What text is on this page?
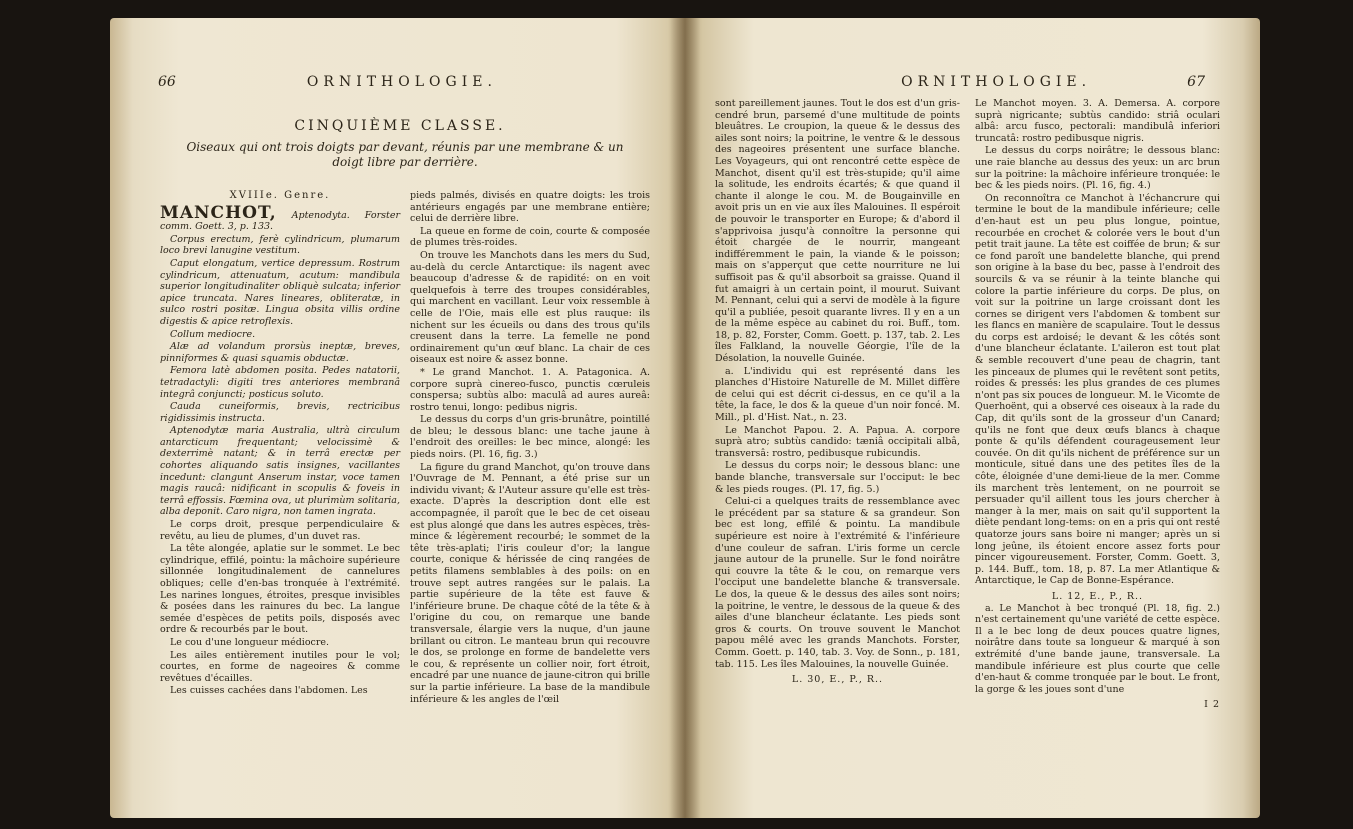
66	ORNITHOLOGIE.
CINQUIÈME CLASSE.
Oiseaux qui ont trois doigts par devant, réunis par une membrane & un doigt libre par derrière.
XVIIIe. Genre.

MANCHOT, Aptenodyta. Forster comm. Goett. 3, p. 133.

Corpus erectum, ferè cylindricum, plumarum loco brevi lanugine vestitum.

Caput elongatum, vertice depressum. Rostrum cylindricum, attenuatum, acutum: mandibula superior longitudinaliter obliquè sulcata; inferior apice truncata. Nares lineares, obliteratæ, in sulco rostri positæ. Lingua obsita villis ordine digestis & apice retroflexis.

Collum mediocre.

Alæ ad volandum prorsùs ineptæ, breves, pinniformes & quasi squamis obductæ.

Femora latè abdomen posita. Pedes natatorii, tetradactyli: digiti tres anteriores membranâ integrâ conjuncti; posticus soluto.

Cauda cuneiformis, brevis, rectricibus rigidissimis instructa.

Aptenodytæ maria Australia, ultrà circulum antarcticum frequentant; velocissimè & dexterrimè natant; & in terrâ erectæ per cohortes aliquando satis insignes, vacillantes incedunt: clangunt Anserum instar, voce tamen magis raucâ: nidificant in scopulis & foveis in terrâ effossis. Fœmina ova, ut plurimùm solitaria, alba deponit. Caro nigra, non tamen ingrata.

Le corps droit, presque perpendiculaire & revêtu, au lieu de plumes, d'un duvet ras.

La tête alongée, aplatie sur le sommet. Le bec cylindrique, effilé, pointu: la mâchoire supérieure sillonnée longitudinalement de cannelures obliques; celle d'en-bas tronquée à l'extrémité. Les narines longues, étroites, presque invisibles & posées dans les rainures du bec. La langue semée d'espèces de petits poils, disposés avec ordre & recourbés par le bout.

Le cou d'une longueur médiocre.

Les ailes entièrement inutiles pour le vol; courtes, en forme de nageoires & comme revêtues d'écailles.

Les cuisses cachées dans l'abdomen. Les

pieds palmés, divisés en quatre doigts: les trois antérieurs engagés par une membrane entière; celui de derrière libre.

La queue en forme de coin, courte & composée de plumes très-roides.

On trouve les Manchots dans les mers du Sud, au-delà du cercle Antarctique: ils nagent avec beaucoup d'adresse & de rapidité: on en voit quelquefois à terre des troupes considérables, qui marchent en vacillant. Leur voix ressemble à celle de l'Oie, mais elle est plus rauque: ils nichent sur les écueils ou dans des trous qu'ils creusent dans la terre. La femelle ne pond ordinairement qu'un œuf blanc. La chair de ces oiseaux est noire & assez bonne.

* Le grand Manchot. 1. A. Patagonica. A. corpore suprà cinereo-fusco, punctis cœruleis conspersa; subtùs albo: maculâ ad aures aureâ: rostro tenui, longo: pedibus nigris.

Le dessus du corps d'un gris-brunâtre, pointillé de bleu; le dessous blanc: une tache jaune à l'endroit des oreilles: le bec mince, alongé: les pieds noirs. (Pl. 16, fig. 3.)

La figure du grand Manchot, qu'on trouve dans l'Ouvrage de M. Pennant, a été prise sur un individu vivant; & l'Auteur assure qu'elle est très-exacte. D'après la description dont elle est accompagnée, il paroît que le bec de cet oiseau est plus alongé que dans les autres espèces, très-mince & légèrement recourbé; le sommet de la tête très-aplati; l'iris couleur d'or; la langue courte, conique & hérissée de cinq rangées de petits filamens semblables à des poils: on en trouve sept autres rangées sur le palais. La partie supérieure de la tête est fauve & l'inférieure brune. De chaque côté de la tête & à l'origine du cou, on remarque une bande transversale, élargie vers la nuque, d'un jaune brillant ou citron. Le manteau brun qui recouvre le dos, se prolonge en forme de bandelette vers le cou, & représente un collier noir, fort étroit, encadré par une nuance de jaune-citron qui brille sur la partie inférieure. La base de la mandibule inférieure & les angles de l'œil

ORNITHOLOGIE.	67

sont pareillement jaunes. Tout le dos est d'un gris-cendré brun, parsemé d'une multitude de points bleuâtres. Le croupion, la queue & le dessus des ailes sont noirs; la poitrine, le ventre & le dessous des nageoires présentent une surface blanche. Les Voyageurs, qui ont rencontré cette espèce de Manchot, disent qu'il est très-stupide; qu'il aime la solitude, les endroits écartés; & que quand il chante il alonge le cou. M. de Bougainville en avoit pris un en vie aux îles Malouines. Il espéroit de pouvoir le transporter en Europe; & d'abord il s'apprivoisa jusqu'à connoître la personne qui étoit chargée de le nourrir, mangeant indifféremment le pain, la viande & le poisson; mais on s'apperçut que cette nourriture ne lui suffisoit pas & qu'il absorboit sa graisse. Quand il fut amaigri à un certain point, il mourut. Suivant M. Pennant, celui qui a servi de modèle à la figure qu'il a publiée, pesoit quarante livres. Il y en a un de la même espèce au cabinet du roi. Buff., tom. 18, p. 82, Forster, Comm. Goett. p. 137, tab. 2. Les îles Falkland, la nouvelle Géorgie, l'île de la Désolation, la nouvelle Guinée.

a. L'individu qui est représenté dans les planches d'Histoire Naturelle de M. Millet diffère de celui qui est décrit ci-dessus, en ce qu'il a la tête, la face, le dos & la queue d'un noir foncé. M. Mill., pl. d'Hist. Nat., n. 23.

Le Manchot Papou. 2. A. Papua. A. corpore suprà atro; subtùs candido: tæniâ occipitali albâ, transversâ: rostro, pedibusque rubicundis.

Le dessus du corps noir; le dessous blanc: une bande blanche, transversale sur l'occiput: le bec & les pieds rouges. (Pl. 17, fig. 5.)

Celui-ci a quelques traits de ressemblance avec le précédent par sa stature & sa grandeur. Son bec est long, effilé & pointu. La mandibule supérieure est noire à l'extrémité & l'inférieure d'une couleur de safran. L'iris forme un cercle jaune autour de la prunelle. Sur le fond noirâtre qui couvre la tête & le cou, on remarque vers l'occiput une bandelette blanche & transversale. Le dos, la queue & le dessus des ailes sont noirs; la poitrine, le ventre, le dessous de la queue & des ailes d'une blancheur éclatante. Les pieds sont gros & courts. On trouve souvent le Manchot papou mêlé avec les grands Manchots. Forster, Comm. Goett. p. 140, tab. 3. Voy. de Sonn., p. 181, tab. 115. Les îles Malouines, la nouvelle Guinée.

L. 30, E., P., R..

Le Manchot moyen. 3. A. Demersa. A. corpore suprà nigricante; subtùs candido: striâ oculari albâ: arcu fusco, pectorali: mandibulâ inferiori truncatâ: rostro pedibusque nigris.

Le dessus du corps noirâtre; le dessous blanc: une raie blanche au dessus des yeux: un arc brun sur la poitrine: la mâchoire inférieure tronquée: le bec & les pieds noirs. (Pl. 16, fig. 4.)

On reconnoîtra ce Manchot à l'échancrure qui termine le bout de la mandibule inférieure; celle d'en-haut est un peu plus longue, pointue, recourbée en crochet & colorée vers le bout d'un petit trait jaune. La tête est coiffée de brun; & sur ce fond paroît une bandelette blanche, qui prend son origine à la base du bec, passe à l'endroit des sourcils & va se réunir à la teinte blanche qui colore la partie inférieure du corps. De plus, on voit sur la poitrine un large croissant dont les cornes se dirigent vers l'abdomen & tombent sur les flancs en manière de scapulaire. Tout le dessus du corps est ardoisé; le devant & les côtés sont d'une blancheur éclatante. L'aileron est tout plat & semble recouvert d'une peau de chagrin, tant les pinceaux de plumes qui le revêtent sont petits, roides & pressés: les plus grandes de ces plumes n'ont pas six pouces de longueur. M. le Vicomte de Querhoënt, qui a observé ces oiseaux à la rade du Cap, dit qu'ils sont de la grosseur d'un Canard; qu'ils ne font que deux œufs blancs à chaque ponte & qu'ils défendent courageusement leur couvée. On dit qu'ils nichent de préférence sur un monticule, situé dans une des petites îles de la côte, éloignée d'une demi-lieue de la mer. Comme ils marchent très lentement, on ne pourroit se persuader qu'il aillent tous les jours chercher à manger à la mer, mais on sait qu'il supportent la diète pendant long-tems: on en a pris qui ont resté quatorze jours sans boire ni manger; après un si long jeûne, ils étoient encore assez forts pour pincer vigoureusement. Forster, Comm. Goett. 3, p. 144. Buff., tom. 18, p. 87. La mer Atlantique & Antarctique, le Cap de Bonne-Espérance.

L. 12, E., P., R..

a. Le Manchot à bec tronqué (Pl. 18, fig. 2.) n'est certainement qu'une variété de cette espèce. Il a le bec long de deux pouces quatre lignes, noirâtre dans toute sa longueur & marqué à son extrémité d'une bande jaune, transversale. La mandibule inférieure est plus courte que celle d'en-haut & comme tronquée par le bout. Le front, la gorge & les joues sont d'une

I 2
